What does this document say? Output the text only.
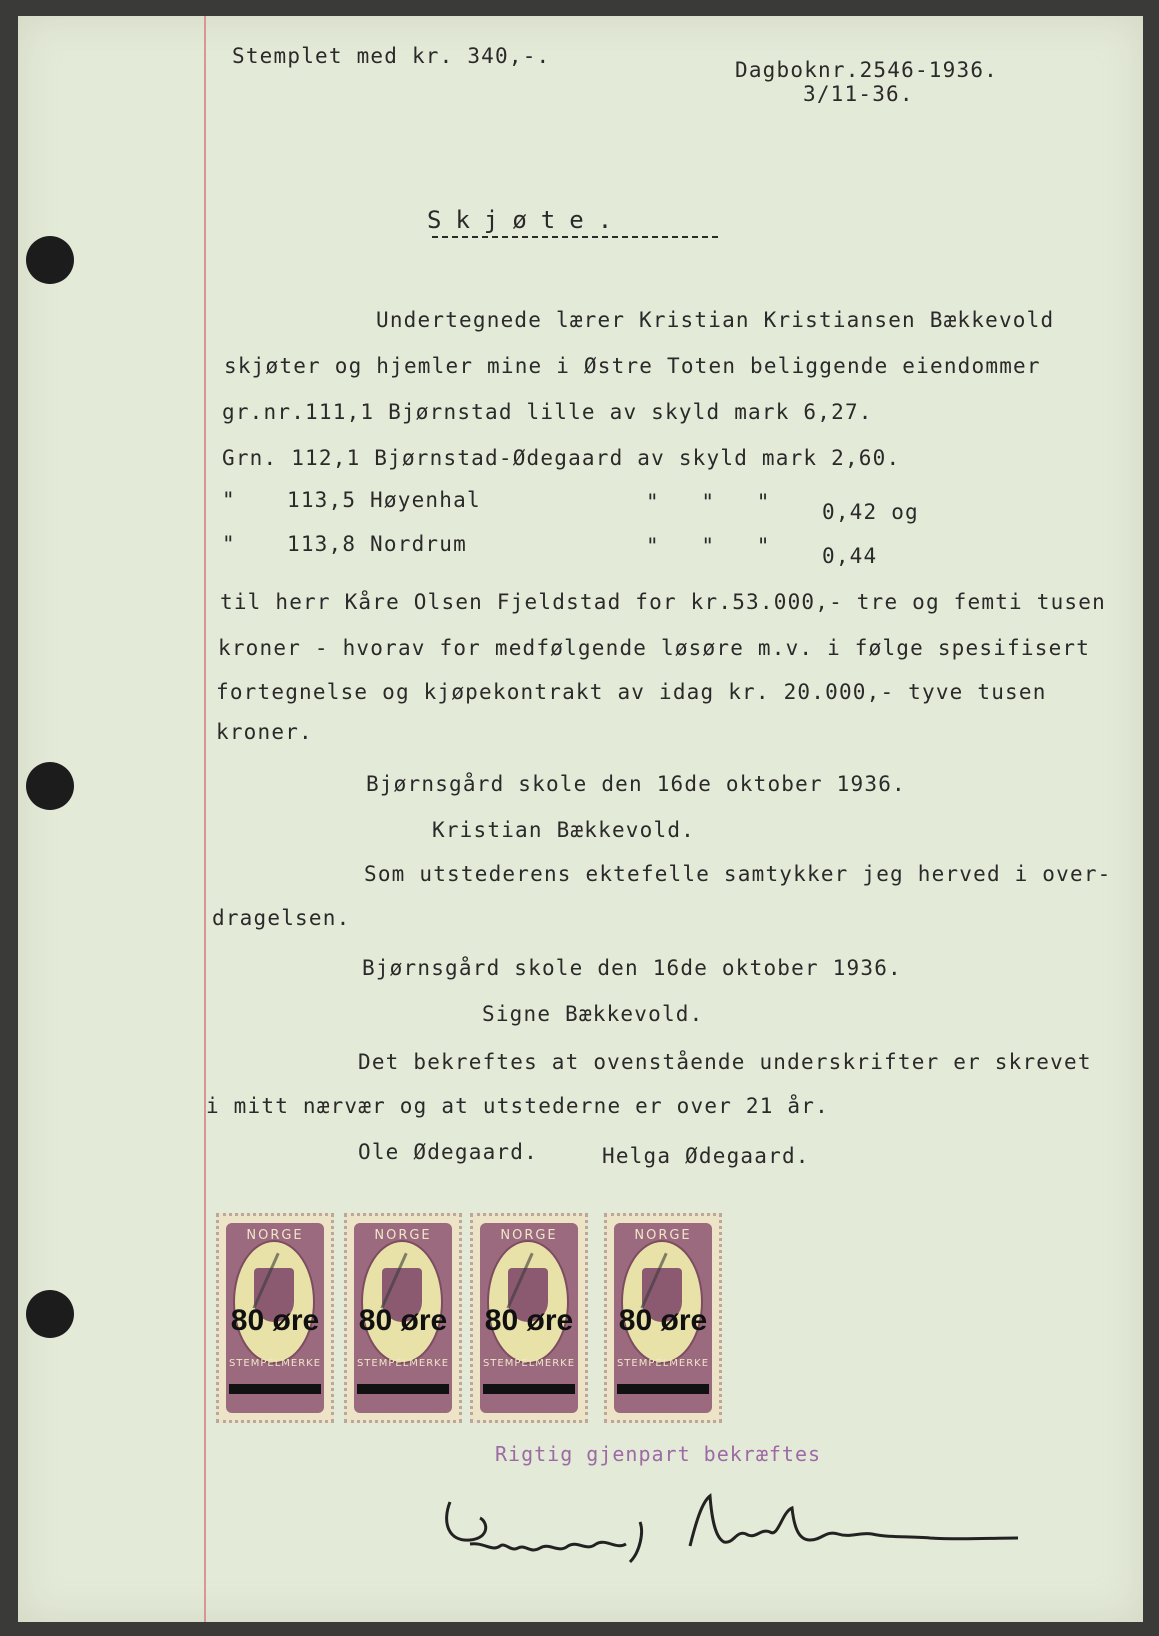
Stemplet med kr. 340,-.
Dagboknr.2546-1936.
3/11-36.
Skjøte.
Undertegnede lærer Kristian Kristiansen Bækkevold
skjøter og hjemler mine i Østre Toten beliggende eiendommer
gr.nr.111,1 Bjørnstad lille av skyld mark 6,27.
Grn. 112,1 Bjørnstad-Ødegaard av skyld mark 2,60.
" 113,5 Høyenhal	"   "   " 0,42 og
" 113,8 Nordrum	"   "   " 0,44
til herr Kåre Olsen Fjeldstad for kr.53.000,- tre og femti tusen
kroner - hvorav for medfølgende løsøre m.v. i følge spesifisert
fortegnelse og kjøpekontrakt av idag kr. 20.000,- tyve tusen
kroner.
Bjørnsgård skole den 16de oktober 1936.
Kristian Bækkevold.
Som utstederens ektefelle samtykker jeg herved i over-
dragelsen.
Bjørnsgård skole den 16de oktober 1936.
Signe Bækkevold.
Det bekreftes at ovenstående underskrifter er skrevet
i mitt nærvær og at utstederne er over 21 år.
Ole Ødegaard.	Helga Ødegaard.
NORGE
80 øre
STEMPELMERKE
NORGE
80 øre
STEMPELMERKE
NORGE
80 øre
STEMPELMERKE
NORGE
80 øre
STEMPELMERKE
Rigtig gjenpart bekræftes
